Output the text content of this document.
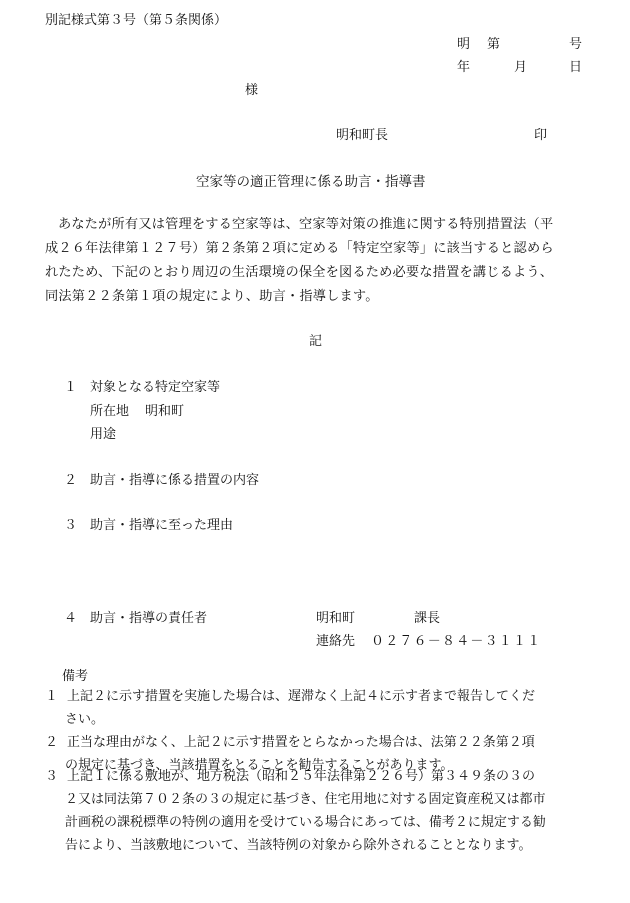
別記様式第３号（第５条関係）
明 第	号
年	月	日
様
明和町長	印
空家等の適正管理に係る助言・指導書
あなたが所有又は管理をする空家等は、空家等対策の推進に関する特別措置法（平
成２６年法律第１２７号）第２条第２項に定める「特定空家等」に該当すると認めら
れたため、下記のとおり周辺の生活環境の保全を図るため必要な措置を講じるよう、
同法第２２条第１項の規定により、助言・指導します。
記
１ 対象となる特定空家等
所在地 明和町
用途
２ 助言・指導に係る措置の内容
３ 助言・指導に至った理由
４ 助言・指導の責任者	明和町	課長
連絡先 ０２７６－８４－３１１１
備考
１ 上記２に示す措置を実施した場合は、遅滞なく上記４に示す者まで報告してくだ
さい。
２ 正当な理由がなく、上記２に示す措置をとらなかった場合は、法第２２条第２項
の規定に基づき、当該措置をとることを勧告することがあります。
３ 上記１に係る敷地が、地方税法（昭和２５年法律第２２６号）第３４９条の３の
２又は同法第７０２条の３の規定に基づき、住宅用地に対する固定資産税又は都市
計画税の課税標準の特例の適用を受けている場合にあっては、備考２に規定する勧
告により、当該敷地について、当該特例の対象から除外されることとなります。
